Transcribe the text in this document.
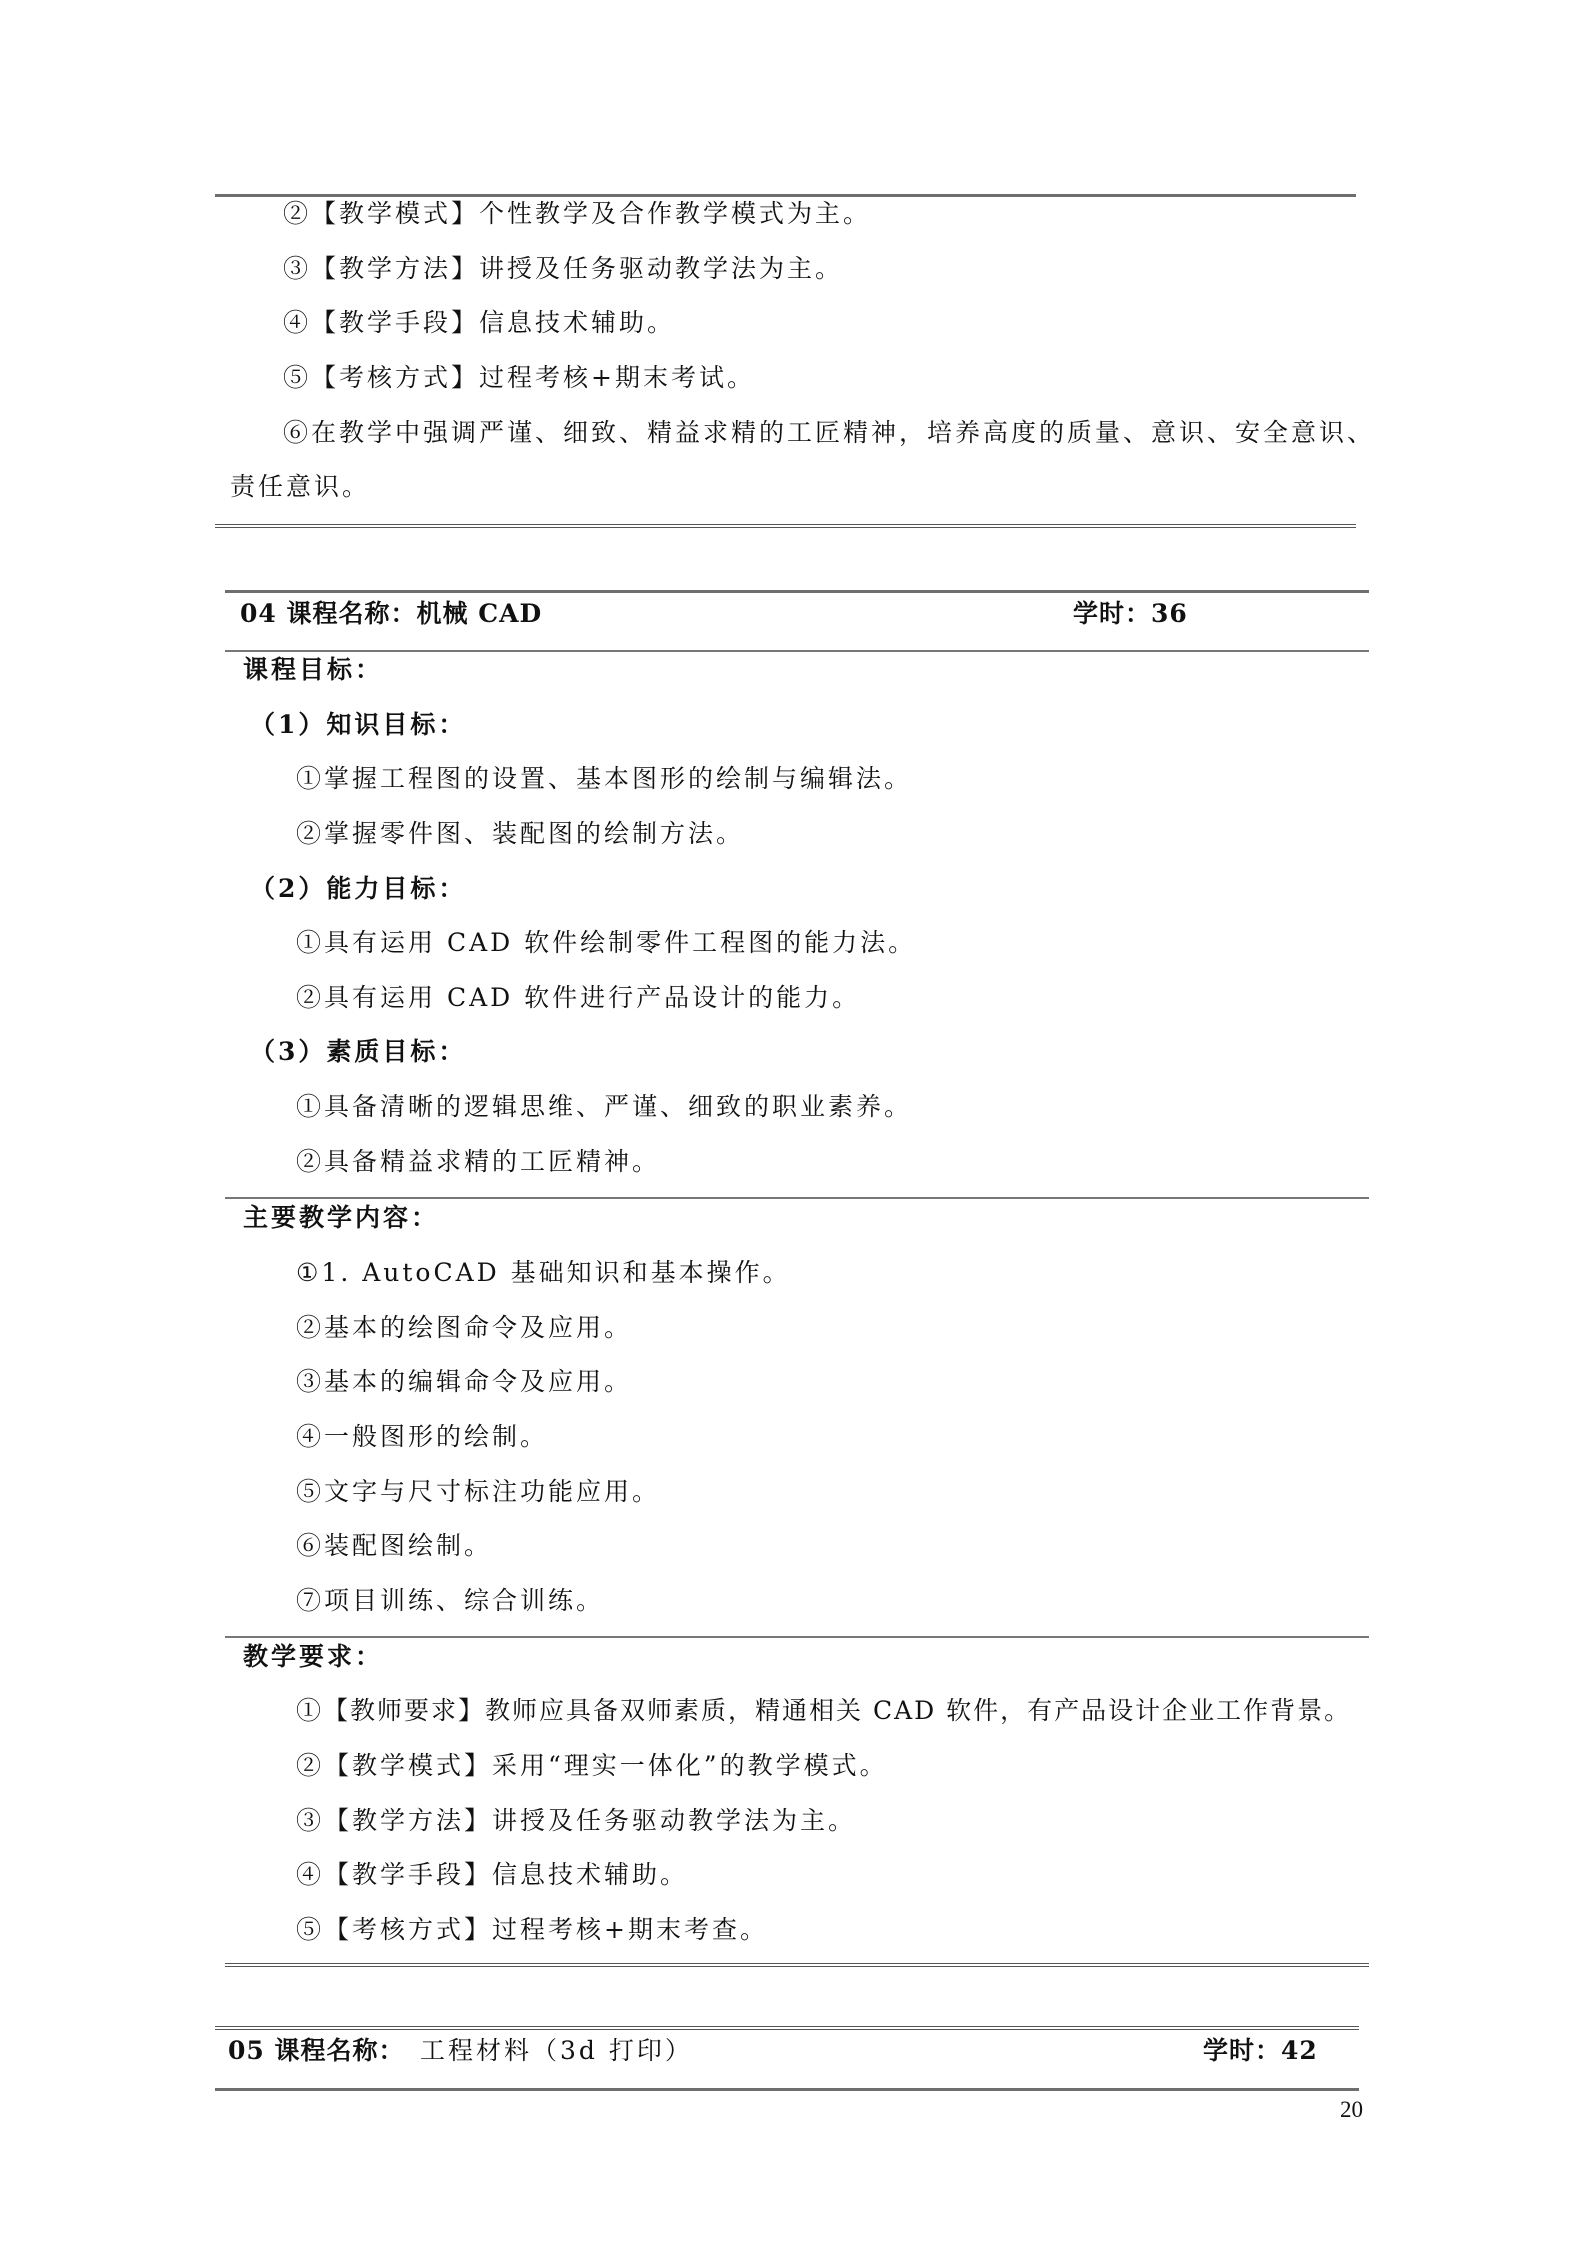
②【教学模式】个性教学及合作教学模式为主。
③【教学方法】讲授及任务驱动教学法为主。
④【教学手段】信息技术辅助。
⑤【考核方式】过程考核+期末考试。
⑥在教学中强调严谨、细致、精益求精的工匠精神，培养高度的质量、意识、安全意识、
责任意识。
04 课程名称：机械 CAD	学时：36
课程目标：
（1）知识目标：
①掌握工程图的设置、基本图形的绘制与编辑法。
②掌握零件图、装配图的绘制方法。
（2）能力目标：
①具有运用 CAD 软件绘制零件工程图的能力法。
②具有运用 CAD 软件进行产品设计的能力。
（3）素质目标：
①具备清晰的逻辑思维、严谨、细致的职业素养。
②具备精益求精的工匠精神。
主要教学内容：
①1. AutoCAD 基础知识和基本操作。
②基本的绘图命令及应用。
③基本的编辑命令及应用。
④一般图形的绘制。
⑤文字与尺寸标注功能应用。
⑥装配图绘制。
⑦项目训练、综合训练。
教学要求：
①【教师要求】教师应具备双师素质，精通相关 CAD 软件，有产品设计企业工作背景。
②【教学模式】采用“理实一体化”的教学模式。
③【教学方法】讲授及任务驱动教学法为主。
④【教学手段】信息技术辅助。
⑤【考核方式】过程考核+期末考查。
05 课程名称： 工程材料（3d 打印）	学时：42
20
